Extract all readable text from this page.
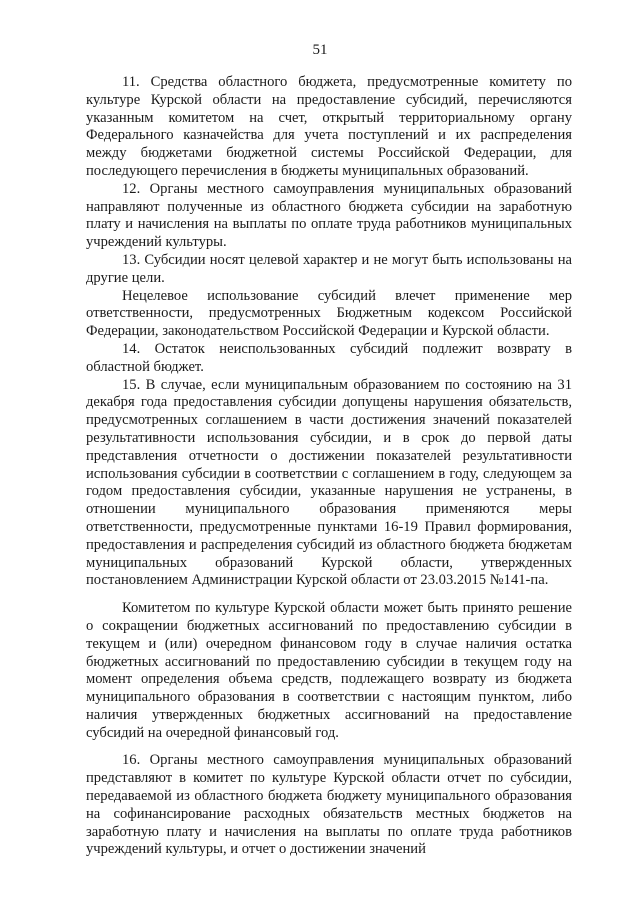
51

11. Средства областного бюджета, предусмотренные комитету по культуре Курской области на предоставление субсидий, перечисляются указанным комитетом на счет, открытый территориальному органу Федерального казначейства для учета поступлений и их распределения между бюджетами бюджетной системы Российской Федерации, для последующего перечисления в бюджеты муниципальных образований.

12. Органы местного самоуправления муниципальных образований направляют полученные из областного бюджета субсидии на заработную плату и начисления на выплаты по оплате труда работников муниципальных учреждений культуры.

13. Субсидии носят целевой характер и не могут быть использованы на другие цели.

Нецелевое использование субсидий влечет применение мер ответственности, предусмотренных Бюджетным кодексом Российской Федерации, законодательством Российской Федерации и Курской области.

14. Остаток неиспользованных субсидий подлежит возврату в областной бюджет.

15. В случае, если муниципальным образованием по состоянию на 31 декабря года предоставления субсидии допущены нарушения обязательств, предусмотренных соглашением в части достижения значений показателей результативности использования субсидии, и в срок до первой даты представления отчетности о достижении показателей результативности использования субсидии в соответствии с соглашением в году, следующем за годом предоставления субсидии, указанные нарушения не устранены, в отношении муниципального образования применяются меры ответственности, предусмотренные пунктами 16-19 Правил формирования, предоставления и распределения субсидий из областного бюджета бюджетам муниципальных образований Курской области, утвержденных постановлением Администрации Курской области от 23.03.2015 №141-па.

Комитетом по культуре Курской области может быть принято решение о сокращении бюджетных ассигнований по предоставлению субсидии в текущем и (или) очередном финансовом году в случае наличия остатка бюджетных ассигнований по предоставлению субсидии в текущем году на момент определения объема средств, подлежащего возврату из бюджета муниципального образования в соответствии с настоящим пунктом, либо наличия утвержденных бюджетных ассигнований на предоставление субсидий на очередной финансовый год.

16. Органы местного самоуправления муниципальных образований представляют в комитет по культуре Курской области отчет по субсидии, передаваемой из областного бюджета бюджету муниципального образования на софинансирование расходных обязательств местных бюджетов на заработную плату и начисления на выплаты по оплате труда работников учреждений культуры, и отчет о достижении значений
